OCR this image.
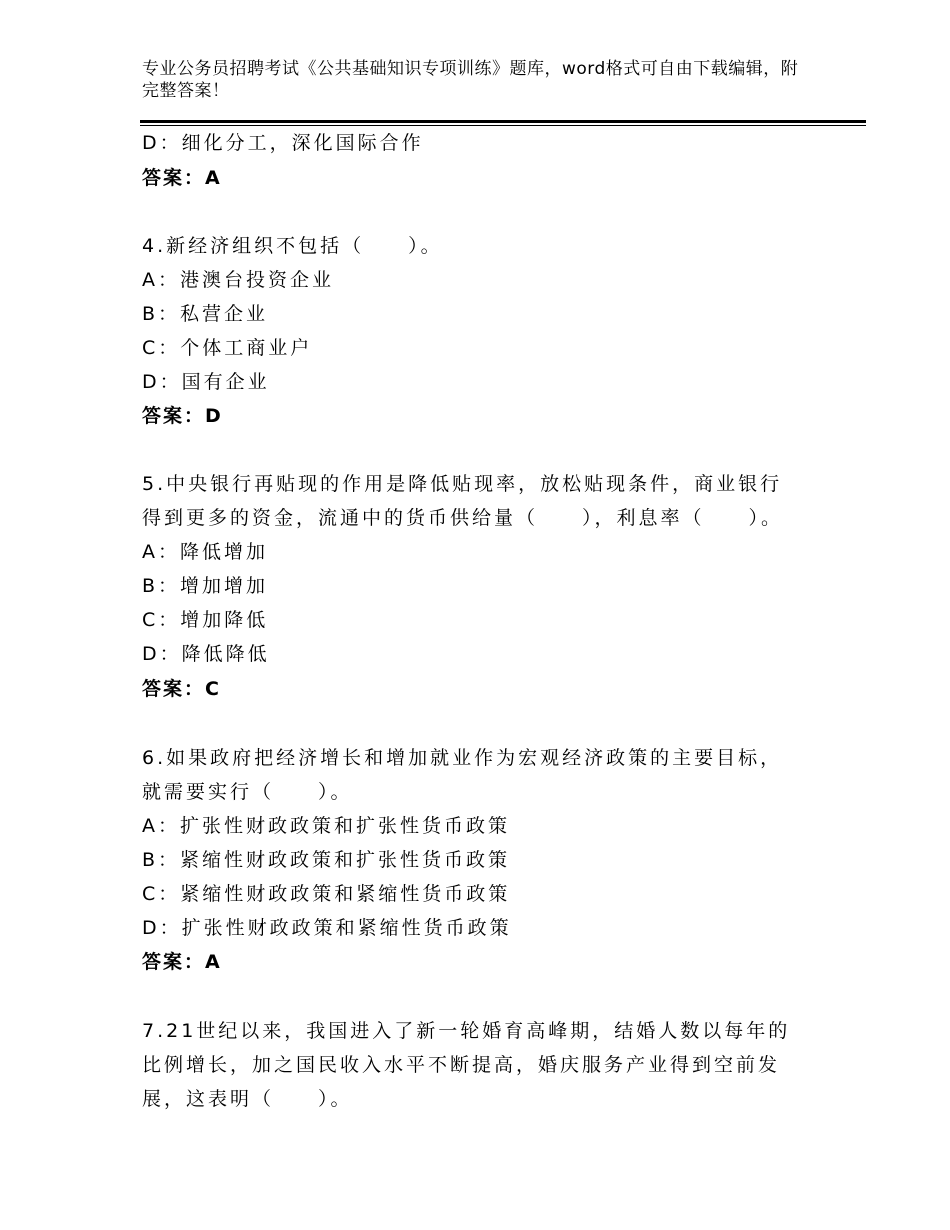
专业公务员招聘考试《公共基础知识专项训练》题库，word格式可自由下载编辑，附完整答案！
D：细化分工，深化国际合作
答案：A
4.新经济组织不包括（　　）。
A：港澳台投资企业
B：私营企业
C：个体工商业户
D：国有企业
答案：D
5.中央银行再贴现的作用是降低贴现率，放松贴现条件，商业银行得到更多的资金，流通中的货币供给量（　　），利息率（　　）。
A：降低增加
B：增加增加
C：增加降低
D：降低降低
答案：C
6.如果政府把经济增长和增加就业作为宏观经济政策的主要目标，就需要实行（　　）。
A：扩张性财政政策和扩张性货币政策
B：紧缩性财政政策和扩张性货币政策
C：紧缩性财政政策和紧缩性货币政策
D：扩张性财政政策和紧缩性货币政策
答案：A
7.21世纪以来，我国进入了新一轮婚育高峰期，结婚人数以每年的比例增长，加之国民收入水平不断提高，婚庆服务产业得到空前发展，这表明（　　）。
